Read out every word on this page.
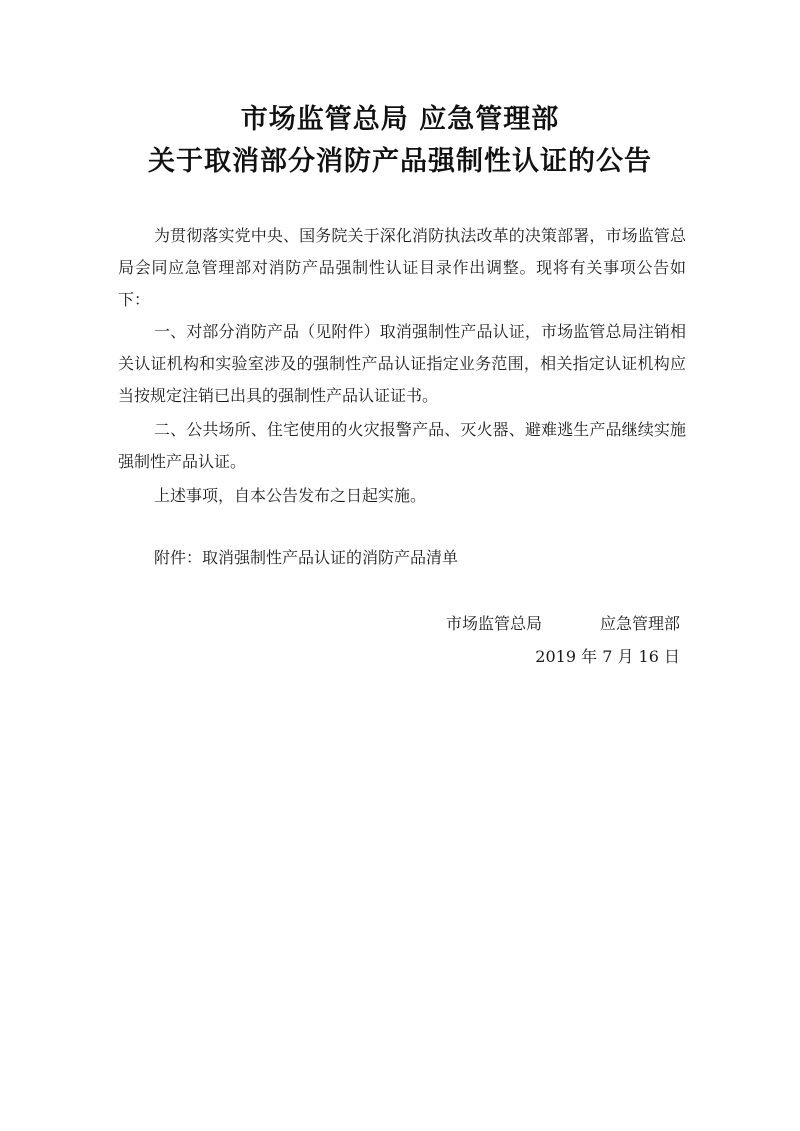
市场监管总局 应急管理部
关于取消部分消防产品强制性认证的公告

为贯彻落实党中央、国务院关于深化消防执法改革的决策部署，市场监管总局会同应急管理部对消防产品强制性认证目录作出调整。现将有关事项公告如下：

一、对部分消防产品（见附件）取消强制性产品认证，市场监管总局注销相关认证机构和实验室涉及的强制性产品认证指定业务范围，相关指定认证机构应当按规定注销已出具的强制性产品认证证书。

二、公共场所、住宅使用的火灾报警产品、灭火器、避难逃生产品继续实施强制性产品认证。

上述事项，自本公告发布之日起实施。

附件：取消强制性产品认证的消防产品清单

市场监管总局	应急管理部
2019 年 7 月 16 日
